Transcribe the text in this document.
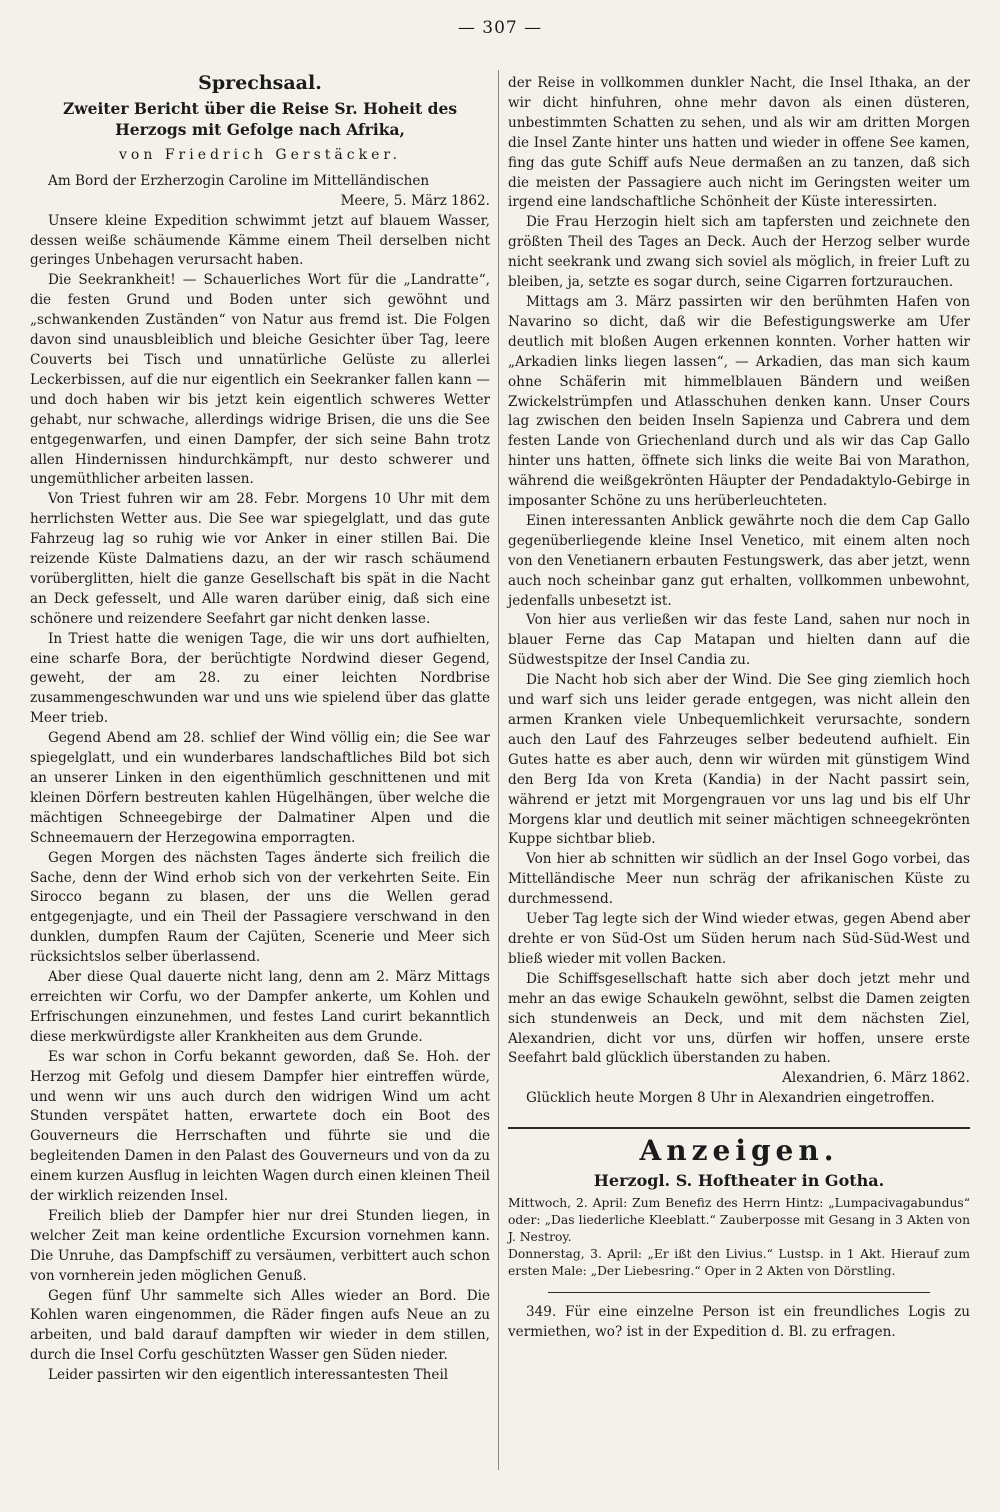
— 307 —
Sprechsaal.
Zweiter Bericht über die Reise Sr. Hoheit des Herzogs mit Gefolge nach Afrika,
von Friedrich Gerstäcker.

Am Bord der Erzherzogin Caroline im Mittelländischen

Meere, 5. März 1862.

Unsere kleine Expedition schwimmt jetzt auf blauem Wasser, dessen weiße schäumende Kämme einem Theil derselben nicht geringes Unbehagen verursacht haben.

Die Seekrankheit! — Schauerliches Wort für die „Landratte“, die festen Grund und Boden unter sich gewöhnt und „schwankenden Zuständen“ von Natur aus fremd ist. Die Folgen davon sind unausbleiblich und bleiche Gesichter über Tag, leere Couverts bei Tisch und unnatürliche Gelüste zu allerlei Leckerbissen, auf die nur eigentlich ein Seekranker fallen kann — und doch haben wir bis jetzt kein eigentlich schweres Wetter gehabt, nur schwache, allerdings widrige Brisen, die uns die See entgegenwarfen, und einen Dampfer, der sich seine Bahn trotz allen Hindernissen hindurchkämpft, nur desto schwerer und ungemüthlicher arbeiten lassen.

Von Triest fuhren wir am 28. Febr. Morgens 10 Uhr mit dem herrlichsten Wetter aus. Die See war spiegelglatt, und das gute Fahrzeug lag so ruhig wie vor Anker in einer stillen Bai. Die reizende Küste Dalmatiens dazu, an der wir rasch schäumend vorüberglitten, hielt die ganze Gesellschaft bis spät in die Nacht an Deck gefesselt, und Alle waren darüber einig, daß sich eine schönere und reizendere Seefahrt gar nicht denken lasse.

In Triest hatte die wenigen Tage, die wir uns dort aufhielten, eine scharfe Bora, der berüchtigte Nordwind dieser Gegend, geweht, der am 28. zu einer leichten Nordbrise zusammengeschwunden war und uns wie spielend über das glatte Meer trieb.

Gegend Abend am 28. schlief der Wind völlig ein; die See war spiegelglatt, und ein wunderbares landschaftliches Bild bot sich an unserer Linken in den eigenthümlich geschnittenen und mit kleinen Dörfern bestreuten kahlen Hügelhängen, über welche die mächtigen Schneegebirge der Dalmatiner Alpen und die Schneemauern der Herzegowina emporragten.

Gegen Morgen des nächsten Tages änderte sich freilich die Sache, denn der Wind erhob sich von der verkehrten Seite. Ein Sirocco begann zu blasen, der uns die Wellen gerad entgegenjagte, und ein Theil der Passagiere verschwand in den dunklen, dumpfen Raum der Cajüten, Scenerie und Meer sich rücksichtslos selber überlassend.

Aber diese Qual dauerte nicht lang, denn am 2. März Mittags erreichten wir Corfu, wo der Dampfer ankerte, um Kohlen und Erfrischungen einzunehmen, und festes Land curirt bekanntlich diese merkwürdigste aller Krankheiten aus dem Grunde.

Es war schon in Corfu bekannt geworden, daß Se. Hoh. der Herzog mit Gefolg und diesem Dampfer hier eintreffen würde, und wenn wir uns auch durch den widrigen Wind um acht Stunden verspätet hatten, erwartete doch ein Boot des Gouverneurs die Herrschaften und führte sie und die begleitenden Damen in den Palast des Gouverneurs und von da zu einem kurzen Ausflug in leichten Wagen durch einen kleinen Theil der wirklich reizenden Insel.

Freilich blieb der Dampfer hier nur drei Stunden liegen, in welcher Zeit man keine ordentliche Excursion vornehmen kann. Die Unruhe, das Dampfschiff zu versäumen, verbittert auch schon von vornherein jeden möglichen Genuß.

Gegen fünf Uhr sammelte sich Alles wieder an Bord. Die Kohlen waren eingenommen, die Räder fingen aufs Neue an zu arbeiten, und bald darauf dampften wir wieder in dem stillen, durch die Insel Corfu geschützten Wasser gen Süden nieder.

Leider passirten wir den eigentlich interessantesten Theil

der Reise in vollkommen dunkler Nacht, die Insel Ithaka, an der wir dicht hinfuhren, ohne mehr davon als einen düsteren, unbestimmten Schatten zu sehen, und als wir am dritten Morgen die Insel Zante hinter uns hatten und wieder in offene See kamen, fing das gute Schiff aufs Neue dermaßen an zu tanzen, daß sich die meisten der Passagiere auch nicht im Geringsten weiter um irgend eine landschaftliche Schönheit der Küste interessirten.

Die Frau Herzogin hielt sich am tapfersten und zeichnete den größten Theil des Tages an Deck. Auch der Herzog selber wurde nicht seekrank und zwang sich soviel als möglich, in freier Luft zu bleiben, ja, setzte es sogar durch, seine Cigarren fortzurauchen.

Mittags am 3. März passirten wir den berühmten Hafen von Navarino so dicht, daß wir die Befestigungswerke am Ufer deutlich mit bloßen Augen erkennen konnten. Vorher hatten wir „Arkadien links liegen lassen“, — Arkadien, das man sich kaum ohne Schäferin mit himmelblauen Bändern und weißen Zwickelstrümpfen und Atlasschuhen denken kann. Unser Cours lag zwischen den beiden Inseln Sapienza und Cabrera und dem festen Lande von Griechenland durch und als wir das Cap Gallo hinter uns hatten, öffnete sich links die weite Bai von Marathon, während die weißgekrönten Häupter der Pendadaktylo-Gebirge in imposanter Schöne zu uns herüberleuchteten.

Einen interessanten Anblick gewährte noch die dem Cap Gallo gegenüberliegende kleine Insel Venetico, mit einem alten noch von den Venetianern erbauten Festungswerk, das aber jetzt, wenn auch noch scheinbar ganz gut erhalten, vollkommen unbewohnt, jedenfalls unbesetzt ist.

Von hier aus verließen wir das feste Land, sahen nur noch in blauer Ferne das Cap Matapan und hielten dann auf die Südwestspitze der Insel Candia zu.

Die Nacht hob sich aber der Wind. Die See ging ziemlich hoch und warf sich uns leider gerade entgegen, was nicht allein den armen Kranken viele Unbequemlichkeit verursachte, sondern auch den Lauf des Fahrzeuges selber bedeutend aufhielt. Ein Gutes hatte es aber auch, denn wir würden mit günstigem Wind den Berg Ida von Kreta (Kandia) in der Nacht passirt sein, während er jetzt mit Morgengrauen vor uns lag und bis elf Uhr Morgens klar und deutlich mit seiner mächtigen schneegekrönten Kuppe sichtbar blieb.

Von hier ab schnitten wir südlich an der Insel Gogo vorbei, das Mittelländische Meer nun schräg der afrikanischen Küste zu durchmessend.

Ueber Tag legte sich der Wind wieder etwas, gegen Abend aber drehte er von Süd-Ost um Süden herum nach Süd-Süd-West und bließ wieder mit vollen Backen.

Die Schiffsgesellschaft hatte sich aber doch jetzt mehr und mehr an das ewige Schaukeln gewöhnt, selbst die Damen zeigten sich stundenweis an Deck, und mit dem nächsten Ziel, Alexandrien, dicht vor uns, dürfen wir hoffen, unsere erste Seefahrt bald glücklich überstanden zu haben.

Alexandrien, 6. März 1862.

Glücklich heute Morgen 8 Uhr in Alexandrien eingetroffen.

Anzeigen.
Herzogl. S. Hoftheater in Gotha.

Mittwoch, 2. April: Zum Benefiz des Herrn Hintz: „Lumpacivagabundus“ oder: „Das liederliche Kleeblatt.“ Zauberposse mit Gesang in 3 Akten von J. Nestroy.

Donnerstag, 3. April: „Er ißt den Livius.“ Lustsp. in 1 Akt. Hierauf zum ersten Male: „Der Liebesring.“ Oper in 2 Akten von Dörstling.

349. Für eine einzelne Person ist ein freundliches Logis zu vermiethen, wo? ist in der Expedition d. Bl. zu erfragen.
